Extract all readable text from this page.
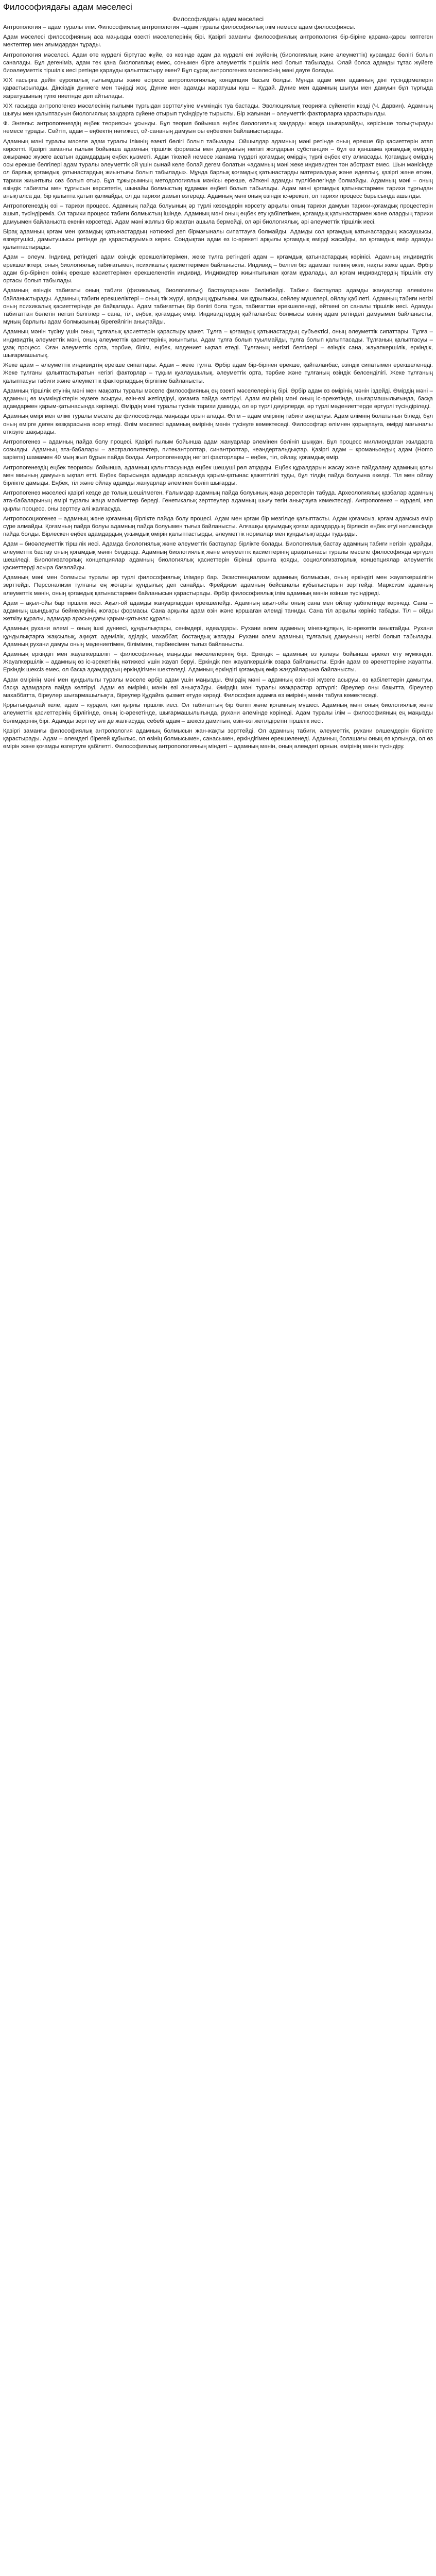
Философиядағы адам мәселесі
Философиядағы адам мәселесі

Антропология – адам туралы ілім. Философиялық антропология –адам туралы философиялық ілім немесе адам философиясы.

Адам мәселесі философияның аса маңызды өзекті мәселелерінің бірі. Қазіргі заманғы философиялық антропология бір-біріне қарама-қарсы көптеген мектептер мен ағымдардан тұрады.

Антропология мәселесі. Адам өте күрделі біртұтас жүйе, өз кезінде адам да күрделі ені жүйенің (биологиялық және әлеуметтік) құрамдас бөлігі болып саналады. Бұл дегеніміз, адам тек қана биологиялық емес, сонымен бірге әлеуметтік тіршілік иесі болып табылады. Олай болса адамды тұтас жүйеге биоәлеуметтік тіршілік иесі ретінде қарауды қалыптастыру екен? Бұл сұрақ антропогенез мәселесінің мәні дәуге болады.

XIX ғасырға дейін еуропалық ғылымдағы және әсіресе антропологиялық концепция басым болды. Мұнда адам мен адамның діні түсіндірмелерін қарастырылады. Дінсіздік дүниеге мен тәңірді жоқ, Дүние мен адамды жаратушы күш – Құдай. Дүние мен адамның шығуы мен дамуын бұл тұрғыда жаратушының түпкі ниетінде деп айтылады.

XIX ғасырда антропогенез мәселесінің ғылыми тұрғыдан зерттелуіне мүмкіндік туа бастады. Эволюциялық теорияға сүйенетін кезді (Ч. Дарвин). Адамның шығуы мен қалыптасуын биологиялық заңдарға сүйене отырып түсіндіруге тырысты. Бір жағынан – әлеуметтік факторларға қарастырылды.

Ф. Энгельс антропогенездің еңбек теориясын ұсынды. Бұл теория бойынша еңбек биологиялық заңдарды жоққа шығармайды, керісінше толықтырады немесе тұрады. Сөйтіп, адам – еңбектің нәтижесі, ой-сананың дамуын оы еңбекпен байланыстырады.

Адамның мәні туралы мәселе адам туралы ілімнің өзекті бөлігі болып табылады. Ойшылдар адамның мәні ретінде оның ерекше бір қасиеттерін атап көрсетті. Қазіргі заманғы ғылым бойынша адамның тіршілік формасы мен дамуының негізгі жолдарын сұбстанция – бұл өз қаншама қоғамдық өмірдің ажырамас жүзеге асатын адамдардың еңбек қызметі. Адам тікелей немесе жанама түрдегі қоғамдық өмірдің түрлі еңбек ету алмасады. Қоғамдық өмірдің осы ерекше белгілері адам туралы әлеуметтік ой үшін сынай келе болай дегем болатын «адамның мәні жеке индивидтен тән абстракт емес. Шын мәнісінде ол барлық қоғамдық қатынастардың жиынтығы болып табылады». Мұнда барлық қоғамдық қатынастарды материалдық және идеялық, қазіргі және өткен, тарихи жиынтығы сөз болып отыр. Бұл тұжырымның методологиялық мәнісы ерекше, өйткені адамды түрлібөлегінде болмайды. Адамның мәні – оның өзіндік табиғаты мен тұрғысын көрсететін, шынайы болмыстың құдаман еңбегі болып табылады. Адам мәні қоғамдық қатынастармен тарихи тұрғыдан анықталса да, бір қалыпта қатып қалмайды, ол да тарихи дамып өзгереді. Адамның мәні оның өзіндік іс-әрекеті, ол тарихи процесс барысында ашылды.

Антропогенездің өзі – тарихи процесс. Адамның пайда болуының әр түрлі кезеңдерін көрсету арқылы оның тарихи дамуын тарихи-қоғамдық процестерін ашып, түсіндіреміз. Ол тарихи процесс табиғи болмыстың ішінде. Адамның мәні оның еңбек ету қабілетімен, қоғамдық қатынастармен және олардың тарихи дамуымен байланыста екенін көрсетеді. Адам мәні жалғыз бір жақтан ашыла бермейді, ол әрі биологиялық, әрі әлеуметтік тіршілік иесі.

Бірақ адамның қоғам мен қоғамдық қатынастардың нәтижесі деп бірмағыналы сипаттауға болмайды. Адамды сол қоғамдық қатынастардың жасаушысы, өзгертушісі, дамытушысы ретінде де қарастыруымыз керек. Сондықтан адам өз іс-әрекеті арқылы қоғамдық өмірді жасайды, ал қоғамдық өмір адамды қалыптастырады.

Адам – өлеум. Індивид ретіндегі адам өзіндік ерекшеліктерімен, жеке тұлға ретіндегі адам – қоғамдық қатынастардың көрінісі. Адамның индивидтік ерекшеліктері, оның биологиялық табиғатымен, психикалық қасиеттерімен байланысты. Индивид – белгілі бір адамзат тегінің өкілі, нақты жеке адам. Әрбір адам бір-бірінен өзінің ерекше қасиеттерімен ерекшеленетін индивид. Индивидтер жиынтығынан қоғам құралады, ал қоғам индивидтердің тіршілік ету ортасы болып табылады.

Адамның өзіндік табиғаты оның табиғи (физикалық, биологиялық) бастауларынан бөлінбейді. Табиғи бастаулар адамды жануарлар әлемімен байланыстырады. Адамның табиғи ерекшеліктері – оның тік жүруі, қолдың құрылымы, ми құрылысы, сөйлеу мүшелері, ойлау қабілеті. Адамның табиғи негізі оның психикалық қасиеттерінде де байқалады. Адам табиғаттың бір бөлігі бола тұра, табиғаттан ерекшеленеді, өйткені ол саналы тіршілік иесі. Адамды табиғаттан бөлетін негізгі белгілер – сана, тіл, еңбек, қоғамдық өмір. Индивидтердің қайталанбас болмысы өзінің адам ретіндегі дамуымен байланысты, мұның барлығы адам болмысының бірегейлігін анықтайды.

Адамның мәнін түсіну үшін оның тұлғалық қасиеттерін қарастыру қажет. Тұлға – қоғамдық қатынастардың субъектісі, оның әлеуметтік сипаттары. Тұлға – индивидтің әлеуметтік мәні, оның әлеуметтік қасиеттерінің жиынтығы. Адам тұлға болып туылмайды, тұлға болып қалыптасады. Тұлғаның қалыптасуы – ұзақ процесс. Оған әлеуметтік орта, тәрбие, білім, еңбек, мәдениет ықпал етеді. Тұлғаның негізгі белгілері – өзіндік сана, жауапкершілік, еркіндік, шығармашылық.

Жеке адам – әлеуметтік индивидтің ерекше сипаттары. Адам – жеке тұлға. Әрбір адам бір-бірінен ерекше, қайталанбас, өзіндік сипатымен ерекшеленеді. Жеке тұлғаны қалыптастыратын негізгі факторлар – тұқым қуалаушылық, әлеуметтік орта, тәрбие және тұлғаның өзіндік белсенділігі. Жеке тұлғаның қалыптасуы табиғи және әлеуметтік факторлардың бірлігіне байланысты.

Адамның тіршілік етуінің мәні мен мақсаты туралы мәселе философияның ең өзекті мәселелерінің бірі. Әрбір адам өз өмірінің мәнін іздейді. Өмірдің мәні – адамның өз мүмкіндіктерін жүзеге асыруы, өзін-өзі жетілдіруі, қоғамға пайда келтіруі. Адам өмірінің мәні оның іс-әрекетінде, шығармашылығында, басқа адамдармен қарым-қатынасында көрінеді. Өмірдің мәні туралы түсінік тарихи дамиды, ол әр түрлі дәуірлерде, әр түрлі мәдениеттерде әртүрлі түсіндіріледі.

Адамның өмірі мен өлімі туралы мәселе де философияда маңызды орын алады. Өлім – адам өмірінің табиғи аяқталуы. Адам өлімнің болатынын біледі, бұл оның өмірге деген көзқарасына әсер етеді. Өлім мәселесі адамның өмірінің мәнін түсінуге көмектеседі. Философтар өлімнен қорықпауға, өмірді мағыналы өткізуге шақырады.

Антропогенез – адамның пайда болу процесі. Қазіргі ғылым бойынша адам жануарлар әлемінен бөлініп шыққан. Бұл процесс миллиондаған жылдарға созылды. Адамның ата-бабалары – австралопитектер, питекантроптар, синантроптар, неандертальдықтар. Қазіргі адам – кроманьондық адам (Homo sapiens) шамамен 40 мың жыл бұрын пайда болды. Антропогенездің негізгі факторлары – еңбек, тіл, ойлау, қоғамдық өмір.

Антропогенездің еңбек теориясы бойынша, адамның қалыптасуында еңбек шешуші рөл атқарды. Еңбек құралдарын жасау және пайдалану адамның қолы мен миының дамуына ықпал етті. Еңбек барысында адамдар арасында қарым-қатынас қажеттілігі туды, бұл тілдің пайда болуына әкелді. Тіл мен ойлау бірлікте дамыды. Еңбек, тіл және ойлау адамды жануарлар әлемінен бөліп шығарды.

Антропогенез мәселесі қазіргі кезде де толық шешілмеген. Ғалымдар адамның пайда болуының жаңа деректерін табуда. Археологиялық қазбалар адамның ата-бабаларының өмірі туралы жаңа мәліметтер береді. Генетикалық зерттеулер адамның шығу тегін анықтауға көмектеседі. Антропогенез – күрделі, көп қырлы процесс, оны зерттеу әлі жалғасуда.

Антропосоциогенез – адамның және қоғамның бірлікте пайда болу процесі. Адам мен қоғам бір мезгілде қалыптасты. Адам қоғамсыз, қоғам адамсыз өмір сүре алмайды. Қоғамның пайда болуы адамның пайда болуымен тығыз байланысты. Алғашқы қауымдық қоғам адамдардың бірлесіп еңбек етуі нәтижесінде пайда болды. Бірлескен еңбек адамдардың ұжымдық өмірін қалыптастырды, әлеуметтік нормалар мен құндылықтарды тудырды.

Адам – биоәлеуметтік тіршілік иесі. Адамда биологиялық және әлеуметтік бастаулар бірлікте болады. Биологиялық бастау адамның табиғи негізін құрайды, әлеуметтік бастау оның қоғамдық мәнін білдіреді. Адамның биологиялық және әлеуметтік қасиеттерінің арақатынасы туралы мәселе философияда әртүрлі шешіледі. Биологизаторлық концепциялар адамның биологиялық қасиеттерін бірінші орынға қояды, социологизаторлық концепциялар әлеуметтік қасиеттерді асыра бағалайды.

Адамның мәні мен болмысы туралы әр түрлі философиялық ілімдер бар. Экзистенциализм адамның болмысын, оның еркіндігі мен жауапкершілігін зерттейді. Персонализм тұлғаны ең жоғарғы құндылық деп санайды. Фрейдизм адамның бейсаналы құбылыстарын зерттейді. Марксизм адамның әлеуметтік мәнін, оның қоғамдық қатынастармен байланысын қарастырады. Әрбір философиялық ілім адамның мәнін өзінше түсіндіреді.

Адам – ақыл-ойы бар тіршілік иесі. Ақыл-ой адамды жануарлардан ерекшелейді. Адамның ақыл-ойы оның сана мен ойлау қабілетінде көрінеді. Сана – адамның шындықты бейнелеуінің жоғары формасы. Сана арқылы адам өзін және қоршаған әлемді таниды. Сана тіл арқылы көрініс табады. Тіл – ойды жеткізу құралы, адамдар арасындағы қарым-қатынас құралы.

Адамның рухани әлемі – оның ішкі дүниесі, құндылықтары, сенімдері, идеалдары. Рухани әлем адамның мінез-құлқын, іс-әрекетін анықтайды. Рухани құндылықтарға жақсылық, ақиқат, әдемілік, әділдік, махаббат, бостандық жатады. Рухани әлем адамның тұлғалық дамуының негізі болып табылады. Адамның рухани дамуы оның мәдениетімен, білімімен, тәрбиесімен тығыз байланысты.

Адамның еркіндігі мен жауапкершілігі – философияның маңызды мәселелерінің бірі. Еркіндік – адамның өз қалауы бойынша әрекет ету мүмкіндігі. Жауапкершілік – адамның өз іс-әрекетінің нәтижесі үшін жауап беруі. Еркіндік пен жауапкершілік өзара байланысты. Еркін адам өз әрекеттеріне жауапты. Еркіндік шексіз емес, ол басқа адамдардың еркіндігімен шектеледі. Адамның еркіндігі қоғамдық өмір жағдайларына байланысты.

Адам өмірінің мәні мен құндылығы туралы мәселе әрбір адам үшін маңызды. Өмірдің мәні – адамның өзін-өзі жүзеге асыруы, өз қабілеттерін дамытуы, басқа адамдарға пайда келтіруі. Адам өз өмірінің мәнін өзі анықтайды. Өмірдің мәні туралы көзқарастар әртүрлі: біреулер оны бақытта, біреулер махаббатта, біреулер шығармашылықта, біреулер Құдайға қызмет етуде көреді. Философия адамға өз өмірінің мәнін табуға көмектеседі.

Қорытындылай келе, адам – күрделі, көп қырлы тіршілік иесі. Ол табиғаттың бір бөлігі және қоғамның мүшесі. Адамның мәні оның биологиялық және әлеуметтік қасиеттерінің бірлігінде, оның іс-әрекетінде, шығармашылығында, рухани әлемінде көрінеді. Адам туралы ілім – философияның ең маңызды бөлімдерінің бірі. Адамды зерттеу әлі де жалғасуда, себебі адам – шексіз дамитын, өзін-өзі жетілдіретін тіршілік иесі.

Қазіргі заманғы философиялық антропология адамның болмысын жан-жақты зерттейді. Ол адамның табиғи, әлеуметтік, рухани өлшемдерін бірлікте қарастырады. Адам – әлемдегі бірегей құбылыс, ол өзінің болмысымен, санасымен, еркіндігімен ерекшеленеді. Адамның болашағы оның өз қолында, ол өз өмірін және қоғамды өзгертуге қабілетті. Философиялық антропологияның міндеті – адамның мәнін, оның әлемдегі орнын, өмірінің мәнін түсіндіру.
